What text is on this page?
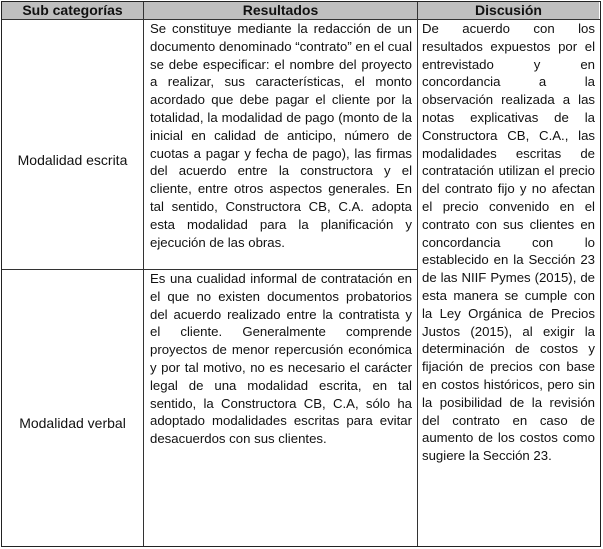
Sub categorías	Resultados	Discusión
Modalidad escrita
Se constituye mediante la redacción de un documento denominado “contrato” en el cual se debe especificar: el nombre del proyecto a realizar, sus características, el monto acordado que debe pagar el cliente por la totalidad, la modalidad de pago (monto de la inicial en calidad de anticipo, número de cuotas a pagar y fecha de pago), las firmas del acuerdo entre la constructora y el cliente, entre otros aspectos generales. En tal sentido, Constructora CB, C.A. adopta esta modalidad para la planificación y ejecución de las obras.
Modalidad verbal
Es una cualidad informal de contratación en el que no existen documentos probatorios del acuerdo realizado entre la contratista y el cliente. Generalmente comprende proyectos de menor repercusión económica y por tal motivo, no es necesario el carácter legal de una modalidad escrita, en tal sentido, la Constructora CB, C.A, sólo ha adoptado modalidades escritas para evitar desacuerdos con sus clientes.
De acuerdo con los resultados expuestos por el entrevistado y en concordancia a la observación realizada a las notas explicativas de la Constructora CB, C.A., las modalidades escritas de contratación utilizan el precio del contrato fijo y no afectan el precio convenido en el contrato con sus clientes en concordancia con lo establecido en la Sección 23 de las NIIF Pymes (2015), de esta manera se cumple con la Ley Orgánica de Precios Justos (2015), al exigir la determinación de costos y fijación de precios con base en costos históricos, pero sin la posibilidad de la revisión del contrato en caso de aumento de los costos como sugiere la Sección 23.
